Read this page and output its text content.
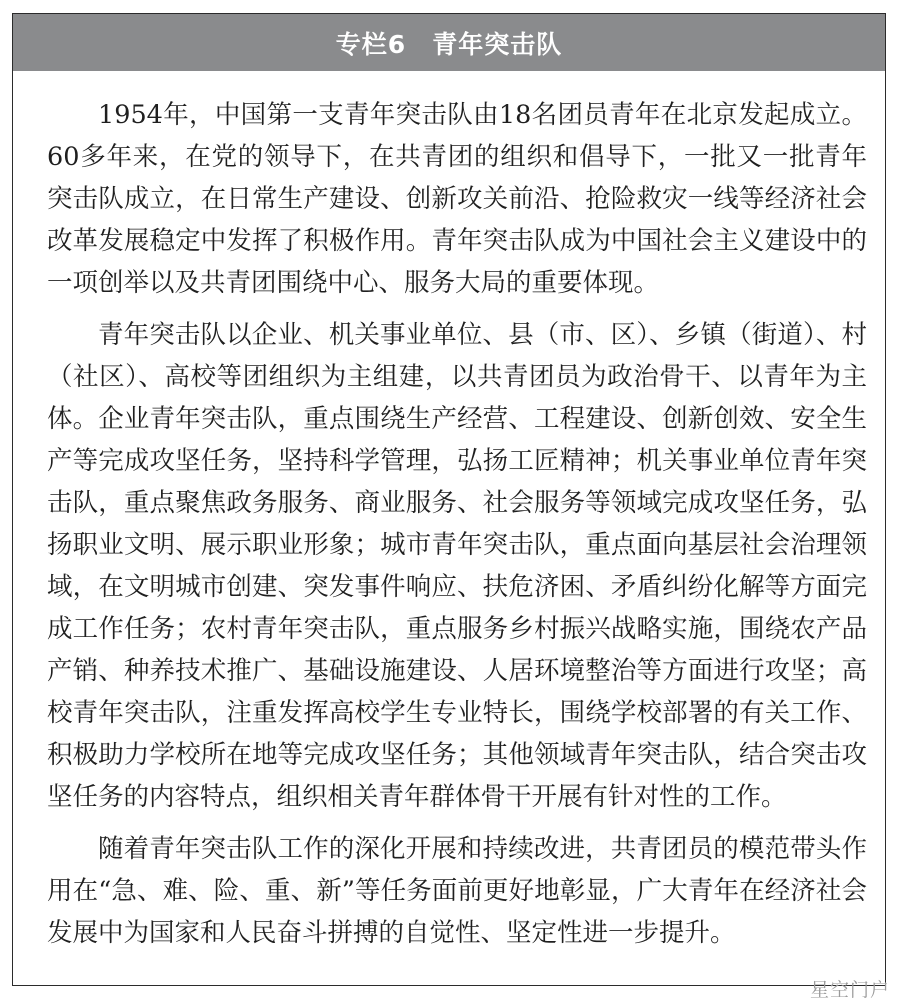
专栏6 青年突击队

1954年，中国第一支青年突击队由18名团员青年在北京发起成立。60多年来，在党的领导下，在共青团的组织和倡导下，一批又一批青年突击队成立，在日常生产建设、创新攻关前沿、抢险救灾一线等经济社会改革发展稳定中发挥了积极作用。青年突击队成为中国社会主义建设中的一项创举以及共青团围绕中心、服务大局的重要体现。

青年突击队以企业、机关事业单位、县（市、区）、乡镇（街道）、村（社区）、高校等团组织为主组建，以共青团员为政治骨干、以青年为主体。企业青年突击队，重点围绕生产经营、工程建设、创新创效、安全生产等完成攻坚任务，坚持科学管理，弘扬工匠精神；机关事业单位青年突击队，重点聚焦政务服务、商业服务、社会服务等领域完成攻坚任务，弘扬职业文明、展示职业形象；城市青年突击队，重点面向基层社会治理领域，在文明城市创建、突发事件响应、扶危济困、矛盾纠纷化解等方面完成工作任务；农村青年突击队，重点服务乡村振兴战略实施，围绕农产品产销、种养技术推广、基础设施建设、人居环境整治等方面进行攻坚；高校青年突击队，注重发挥高校学生专业特长，围绕学校部署的有关工作、积极助力学校所在地等完成攻坚任务；其他领域青年突击队，结合突击攻坚任务的内容特点，组织相关青年群体骨干开展有针对性的工作。

随着青年突击队工作的深化开展和持续改进，共青团员的模范带头作用在“急、难、险、重、新”等任务面前更好地彰显，广大青年在经济社会发展中为国家和人民奋斗拼搏的自觉性、坚定性进一步提升。

星空门户
